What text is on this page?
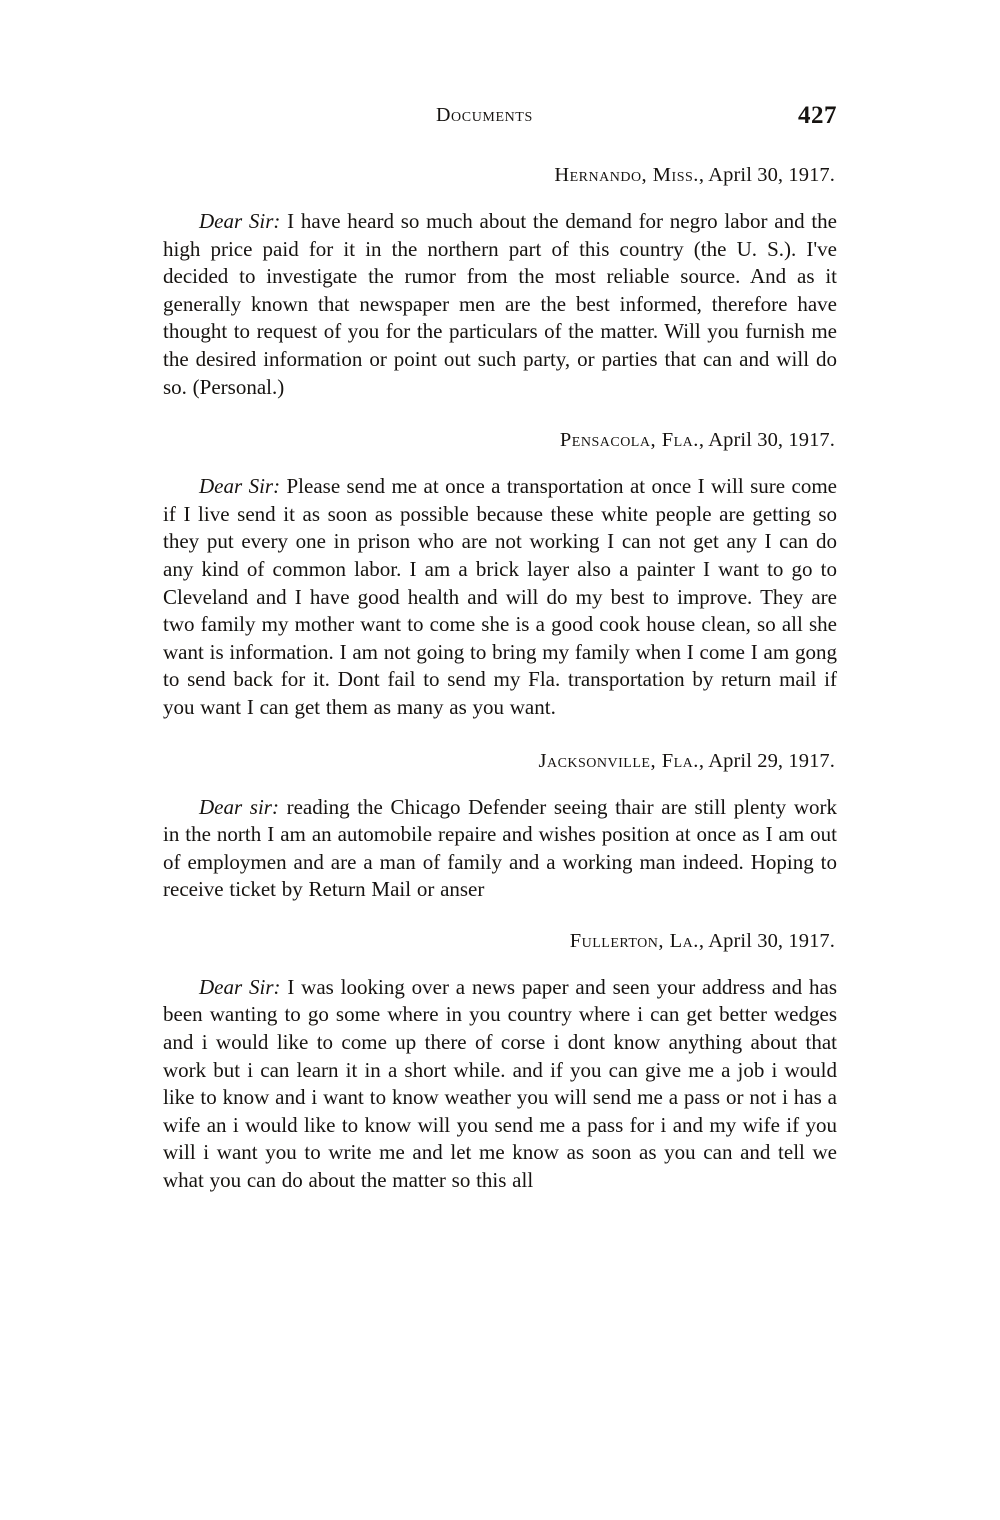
Documents	427
Hernando, Miss., April 30, 1917.

Dear Sir: I have heard so much about the demand for negro labor and the high price paid for it in the northern part of this country (the U. S.). I've decided to investigate the rumor from the most reliable source. And as it generally known that newspaper men are the best informed, therefore have thought to request of you for the particulars of the matter. Will you furnish me the desired information or point out such party, or parties that can and will do so. (Personal.)

Pensacola, Fla., April 30, 1917.

Dear Sir: Please send me at once a transportation at once I will sure come if I live send it as soon as possible because these white people are getting so they put every one in prison who are not working I can not get any I can do any kind of common labor. I am a brick layer also a painter I want to go to Cleveland and I have good health and will do my best to improve. They are two family my mother want to come she is a good cook house clean, so all she want is information. I am not going to bring my family when I come I am gong to send back for it. Dont fail to send my Fla. transportation by return mail if you want I can get them as many as you want.

Jacksonville, Fla., April 29, 1917.

Dear sir: reading the Chicago Defender seeing thair are still plenty work in the north I am an automobile repaire and wishes position at once as I am out of employmen and are a man of family and a working man indeed. Hoping to receive ticket by Return Mail or anser

Fullerton, La., April 30, 1917.

Dear Sir: I was looking over a news paper and seen your address and has been wanting to go some where in you country where i can get better wedges and i would like to come up there of corse i dont know anything about that work but i can learn it in a short while. and if you can give me a job i would like to know and i want to know weather you will send me a pass or not i has a wife an i would like to know will you send me a pass for i and my wife if you will i want you to write me and let me know as soon as you can and tell we what you can do about the matter so this all
